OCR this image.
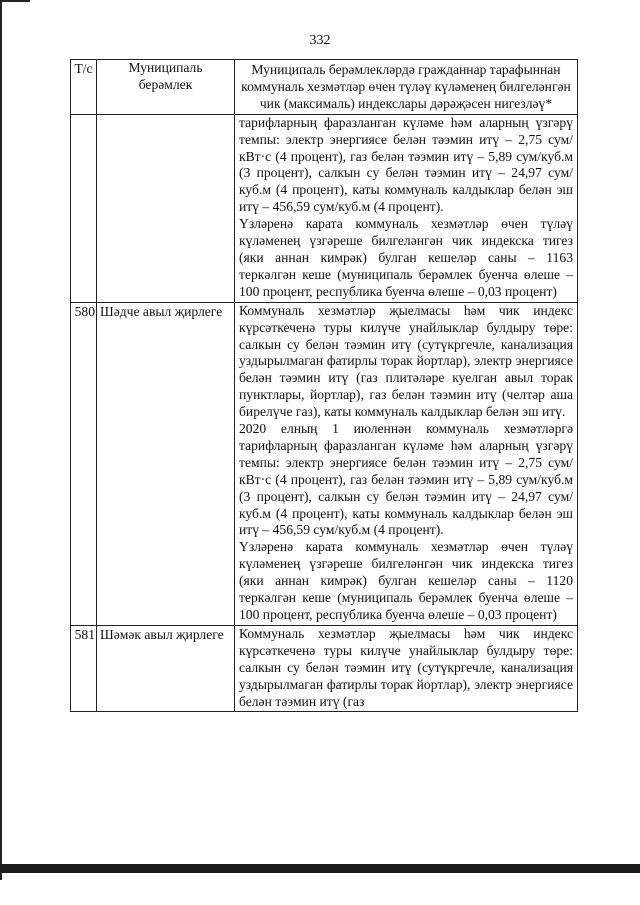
332
Т/с	Муниципаль берәмлек	Муниципаль берәмлекләрдә гражданнар тарафыннан коммуналь хезмәтләр өчен түләү күләменең билгеләнгән чик (максималь) индекслары дәрәҗәсен нигезләү*

		тарифларның фаразланган күләме һәм аларның үзгәрү темпы: электр энергиясе белән тәэмин итү – 2,75 сум/кВт·с (4 процент), газ белән тәэмин итү – 5,89 сум/куб.м (3 процент), салкын су белән тәэмин итү – 24,97 сум/куб.м (4 процент), каты коммуналь калдыклар белән эш итү – 456,59 сум/куб.м (4 процент).

Үзләренә карата коммуналь хезмәтләр өчен түләү күләменең үзгәреше билгеләнгән чик индекска тигез (яки аннан кимрәк) булган кешеләр саны – 1163 теркәлгән кеше (муниципаль берәмлек буенча өлеше – 100 процент, республика буенча өлеше – 0,03 процент)

580	Шәдче авыл җирлеге	Коммуналь хезмәтләр җыелмасы һәм чик индекс күрсәткеченә туры килүче унайлыклар булдыру төре: салкын су белән тәэмин итү (сутүкргечле, канализация уздырылмаган фатирлы торак йортлар), электр энергиясе белән тәэмин итү (газ плитәләре куелган авыл торак пунктлары, йортлар), газ белән тәэмин итү (челтәр аша бирелүче газ), каты коммуналь калдыклар белән эш итү.

2020 елның 1 июленнән коммуналь хезмәтләргә тарифларның фаразланган күләме һәм аларның үзгәрү темпы: электр энергиясе белән тәэмин итү – 2,75 сум/кВт·с (4 процент), газ белән тәэмин итү – 5,89 сум/куб.м (3 процент), салкын су белән тәэмин итү – 24,97 сум/куб.м (4 процент), каты коммуналь калдыклар белән эш итү – 456,59 сум/куб.м (4 процент).

Үзләренә карата коммуналь хезмәтләр өчен түләү күләменең үзгәреше билгеләнгән чик индекска тигез (яки аннан кимрәк) булган кешеләр саны – 1120 теркәлгән кеше (муниципаль берәмлек буенча өлеше – 100 процент, республика буенча өлеше – 0,03 процент)

581	Шәмәк авыл җирлеге	Коммуналь хезмәтләр җыелмасы һәм чик индекс күрсәткеченә туры килүче унайлыклар булдыру төре: салкын су белән тәэмин итү (сутүкргечле, канализация уздырылмаган фатирлы торак йортлар), электр энергиясе белән тәэмин итү (газ
